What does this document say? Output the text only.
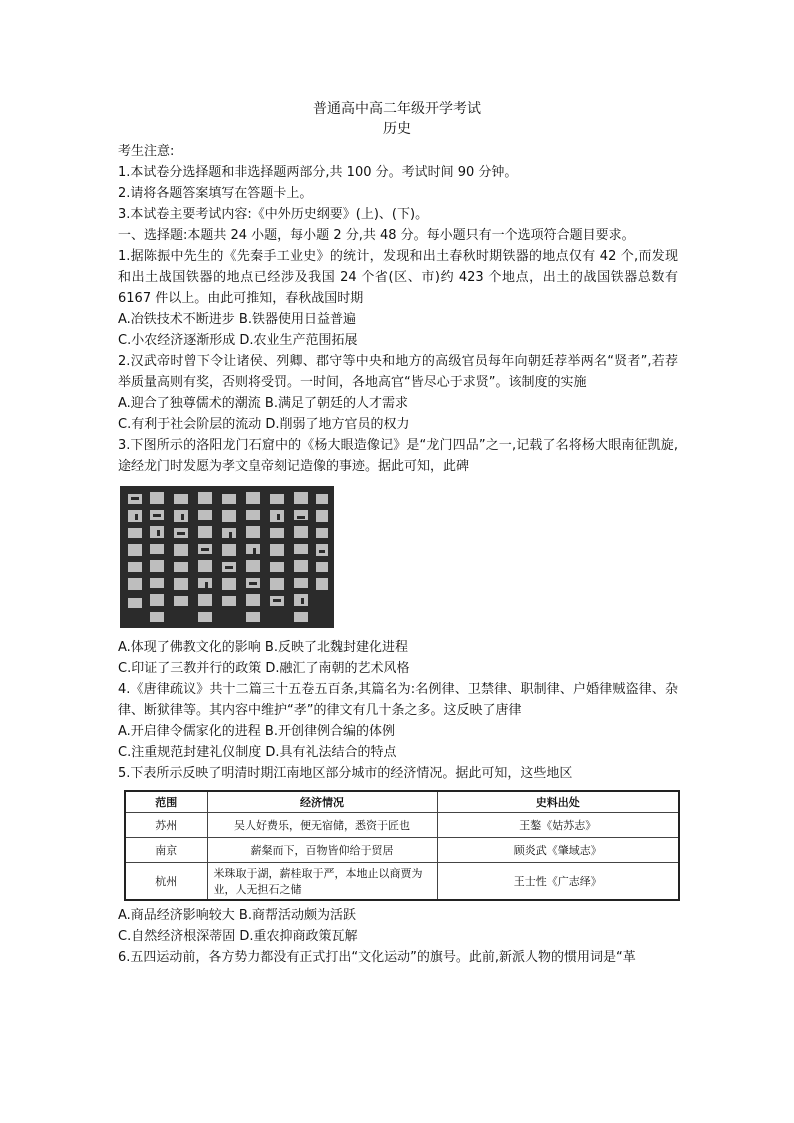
普通高中高二年级开学考试
历史

考生注意:

1.本试卷分选择题和非选择题两部分,共 100 分。考试时间 90 分钟。

2.请将各题答案填写在答题卡上。

3.本试卷主要考试内容:《中外历史纲要》(上)、(下)。

一、选择题:本题共 24 小题，每小题 2 分,共 48 分。每小题只有一个选项符合题目要求。

1.据陈振中先生的《先秦手工业史》的统计，发现和出土春秋时期铁器的地点仅有 42 个,而发现和出土战国铁器的地点已经涉及我国 24 个省(区、市)约 423 个地点，出土的战国铁器总数有 6167 件以上。由此可推知，春秋战国时期

A.冶铁技术不断进步 B.铁器使用日益普遍

C.小农经济逐渐形成 D.农业生产范围拓展

2.汉武帝时曾下令让诸侯、列卿、郡守等中央和地方的高级官员每年向朝廷荐举两名“贤者”,若荐举质量高则有奖，否则将受罚。一时间，各地高官“皆尽心于求贤”。该制度的实施

A.迎合了独尊儒术的潮流 B.满足了朝廷的人才需求

C.有利于社会阶层的流动 D.削弱了地方官员的权力

3.下图所示的洛阳龙门石窟中的《杨大眼造像记》是“龙门四品”之一,记载了名将杨大眼南征凯旋,途经龙门时发愿为孝文皇帝刻记造像的事迹。据此可知，此碑

A.体现了佛教文化的影响 B.反映了北魏封建化进程

C.印证了三教并行的政策 D.融汇了南朝的艺术风格

4.《唐律疏议》共十二篇三十五卷五百条,其篇名为:名例律、卫禁律、职制律、户婚律贼盗律、杂律、断狱律等。其内容中维护“孝”的律文有几十条之多。这反映了唐律

A.开启律令儒家化的进程 B.开创律例合编的体例

C.注重规范封建礼仪制度 D.具有礼法结合的特点

5.下表所示反映了明清时期江南地区部分城市的经济情况。据此可知，这些地区

范围	经济情况	史料出处
苏州	吴人好费乐，便无宿储，悉资于匠也	王鏊《姑苏志》
南京	薪粲而下，百物皆仰给于贸居	顾炎武《肇域志》
杭州	米珠取于湖，薪桂取于严，本地止以商贾为业，人无担石之储	王士性《广志绎》

A.商品经济影响较大 B.商帮活动颇为活跃

C.自然经济根深蒂固 D.重农抑商政策瓦解

6.五四运动前，各方势力都没有正式打出“文化运动”的旗号。此前,新派人物的惯用词是“革
